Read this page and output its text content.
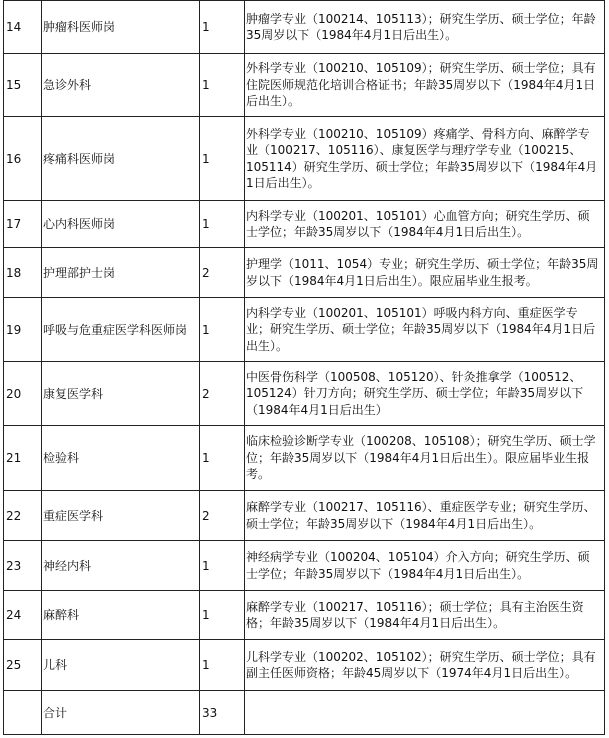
14	肿瘤科医师岗	1	肿瘤学专业（100214、105113）；研究生学历、硕士学位；年龄35周岁以下（1984年4月1日后出生）。
15	急诊外科	1	外科学专业（100210、105109）；研究生学历、硕士学位；具有住院医师规范化培训合格证书；年龄35周岁以下（1984年4月1日后出生）。
16	疼痛科医师岗	1	外科学专业（100210、105109）疼痛学、骨科方向、麻醉学专业（100217、105116）、康复医学与理疗学专业（100215、105114）研究生学历、硕士学位；年龄35周岁以下（1984年4月1日后出生）。
17	心内科医师岗	1	内科学专业（100201、105101）心血管方向；研究生学历、硕士学位；年龄35周岁以下（1984年4月1日后出生）。
18	护理部护士岗	2	护理学（1011、1054）专业；研究生学历、硕士学位；年龄35周岁以下（1984年4月1日后出生）。限应届毕业生报考。
19	呼吸与危重症医学科医师岗	1	内科学专业（100201、105101）呼吸内科方向、重症医学专业；研究生学历、硕士学位；年龄35周岁以下（1984年4月1日后出生）。
20	康复医学科	2	中医骨伤科学（100508、105120）、针灸推拿学（100512、105124）针刀方向；研究生学历、硕士学位；年龄35周岁以下（1984年4月1日后出生）
21	检验科	1	临床检验诊断学专业（100208、105108）；研究生学历、硕士学位；年龄35周岁以下（1984年4月1日后出生）。限应届毕业生报考。
22	重症医学科	2	麻醉学专业（100217、105116）、重症医学专业；研究生学历、硕士学位；年龄35周岁以下（1984年4月1日后出生）。
23	神经内科	1	神经病学专业（100204、105104）介入方向；研究生学历、硕士学位；年龄35周岁以下（1984年4月1日后出生）。
24	麻醉科	1	麻醉学专业（100217、105116）；硕士学位；具有主治医生资格；年龄35周岁以下（1984年4月1日后出生）。
25	儿科	1	儿科学专业（100202、105102）；研究生学历、硕士学位；具有副主任医师资格；年龄45周岁以下（1974年4月1日后出生）。
	合计	33	
